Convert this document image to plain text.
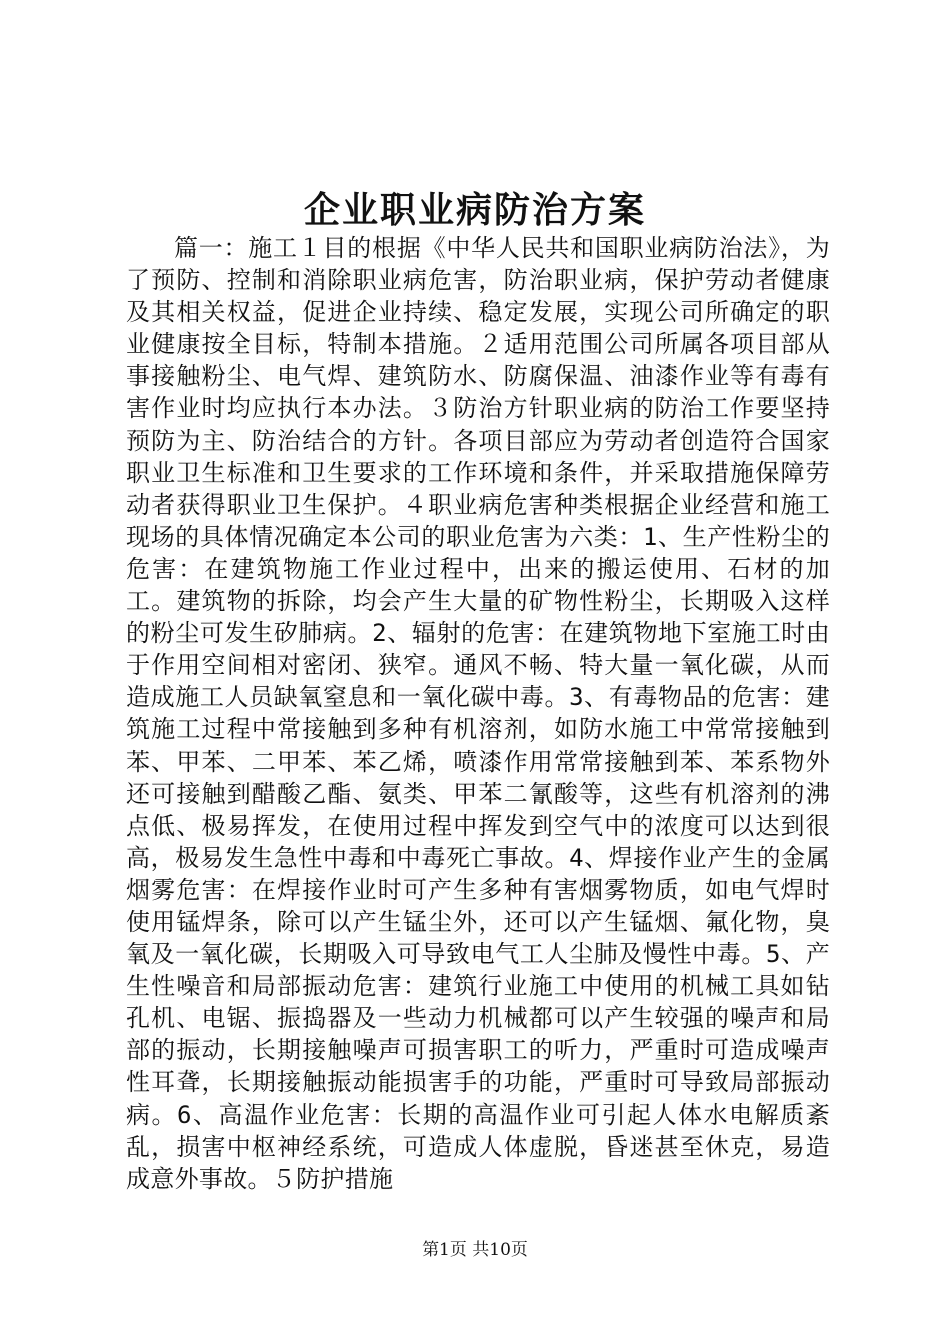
企业职业病防治方案

篇一：施工１目的根据《中华人民共和国职业病防治法》，为了预防、控制和消除职业病危害，防治职业病，保护劳动者健康及其相关权益，促进企业持续、稳定发展，实现公司所确定的职业健康按全目标，特制本措施。２适用范围公司所属各项目部从事接触粉尘、电气焊、建筑防水、防腐保温、油漆作业等有毒有害作业时均应执行本办法。３防治方针职业病的防治工作要坚持预防为主、防治结合的方针。各项目部应为劳动者创造符合国家职业卫生标准和卫生要求的工作环境和条件，并采取措施保障劳动者获得职业卫生保护。４职业病危害种类根据企业经营和施工现场的具体情况确定本公司的职业危害为六类：1、生产性粉尘的危害：在建筑物施工作业过程中，出来的搬运使用、石材的加工。建筑物的拆除，均会产生大量的矿物性粉尘，长期吸入这样的粉尘可发生矽肺病。2、辐射的危害：在建筑物地下室施工时由于作用空间相对密闭、狭窄。通风不畅、特大量一氧化碳，从而造成施工人员缺氧窒息和一氧化碳中毒。3、有毒物品的危害：建筑施工过程中常接触到多种有机溶剂，如防水施工中常常接触到苯、甲苯、二甲苯、苯乙烯，喷漆作用常常接触到苯、苯系物外还可接触到醋酸乙酯、氨类、甲苯二氰酸等，这些有机溶剂的沸点低、极易挥发，在使用过程中挥发到空气中的浓度可以达到很高，极易发生急性中毒和中毒死亡事故。4、焊接作业产生的金属烟雾危害：在焊接作业时可产生多种有害烟雾物质，如电气焊时使用锰焊条，除可以产生锰尘外，还可以产生锰烟、氟化物，臭氧及一氧化碳，长期吸入可导致电气工人尘肺及慢性中毒。5、产生性噪音和局部振动危害：建筑行业施工中使用的机械工具如钻孔机、电锯、振捣器及一些动力机械都可以产生较强的噪声和局部的振动，长期接触噪声可损害职工的听力，严重时可造成噪声性耳聋，长期接触振动能损害手的功能，严重时可导致局部振动病。6、高温作业危害：长期的高温作业可引起人体水电解质紊乱，损害中枢神经系统，可造成人体虚脱，昏迷甚至休克，易造成意外事故。５防护措施

第1页 共10页
